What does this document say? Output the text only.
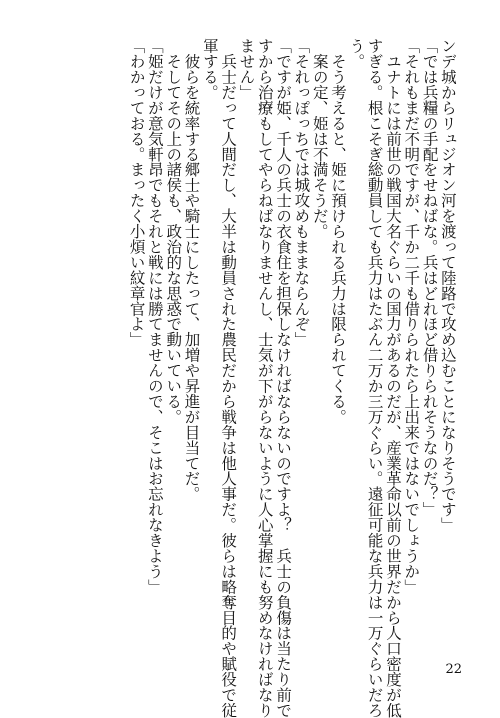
ンデ城からリュジオン河を渡って陸路で攻め込むことになりそうです」
「では兵糧の手配をせねばな。兵はどれほど借りられそうなのだ？」
「それもまだ不明ですが、千か二千も借りられたら上出来ではないでしょうか」
　ユナトには前世の戦国大名ぐらいの国力があるのだが、産業革命以前の世界だから人口密度が低
すぎる。根こそぎ総動員しても兵力はたぶん二万か三万ぐらい。遠征可能な兵力は一万ぐらいだろ
う。
　そう考えると、姫に預けられる兵力は限られてくる。
　案の定、姫は不満そうだ。
「それっぽっちでは城攻めもままならんぞ」
「ですが姫、千人の兵士の衣食住を担保しなければならないのですよ？　兵士の負傷は当たり前で
すから治療もしてやらねばなりませんし、士気が下がらないように人心掌握にも努めなければなり
ません」
　兵士だって人間だし、大半は動員された農民だから戦争は他人事だ。彼らは略奪目的や賦役で従
軍する。
　彼らを統率する郷士や騎士にしたって、加増や昇進が目当てだ。
　そしてその上の諸侯も、政治的な思惑で動いている。
「姫だけが意気軒昂でもそれと戦には勝てませんので、そこはお忘れなきよう」
「わかっておる。まったく小煩い紋章官よ」
22
